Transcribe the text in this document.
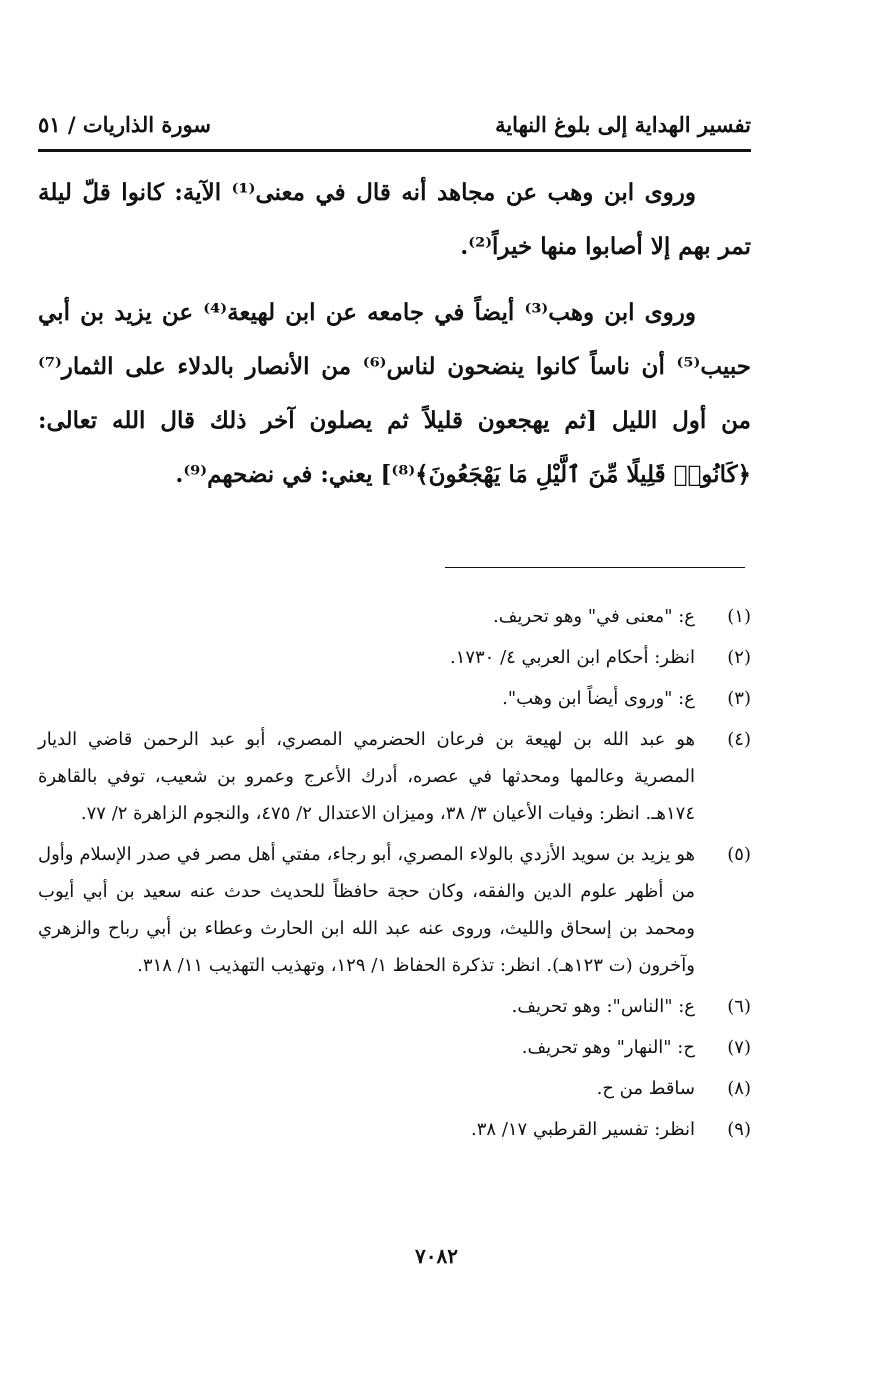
تفسير الهداية إلى بلوغ النهاية
سورة الذاريات / ٥١

وروى ابن وهب عن مجاهد أنه قال في معنى⁽¹⁾ الآية: كانوا قلّ ليلة تمر بهم إلا أصابوا منها خيراً⁽²⁾.

وروى ابن وهب⁽³⁾ أيضاً في جامعه عن ابن لهيعة⁽⁴⁾ عن يزيد بن أبي حبيب⁽⁵⁾ أن ناساً كانوا ينضحون لناس⁽⁶⁾ من الأنصار بالدلاء على الثمار⁽⁷⁾ من أول الليل [ثم يهجعون قليلاً ثم يصلون آخر ذلك قال الله تعالى: ﴿كَانُوا۟ قَلِيلًا مِّنَ ٱلَّيْلِ مَا يَهْجَعُونَ﴾⁽⁸⁾] يعني: في نضحهم⁽⁹⁾.

(١)
ع: "معنى في" وهو تحريف.
(٢)
انظر: أحكام ابن العربي ٤/ ١٧٣٠.
(٣)
ع: "وروى أيضاً ابن وهب".
(٤)
هو عبد الله بن لهيعة بن فرعان الحضرمي المصري، أبو عبد الرحمن قاضي الديار المصرية وعالمها ومحدثها في عصره، أدرك الأعرج وعمرو بن شعيب، توفي بالقاهرة ١٧٤هـ. انظر: وفيات الأعيان ٣/ ٣٨، وميزان الاعتدال ٢/ ٤٧٥، والنجوم الزاهرة ٢/ ٧٧.
(٥)
هو يزيد بن سويد الأزدي بالولاء المصري، أبو رجاء، مفتي أهل مصر في صدر الإسلام وأول من أظهر علوم الدين والفقه، وكان حجة حافظاً للحديث حدث عنه سعيد بن أبي أيوب ومحمد بن إسحاق والليث، وروى عنه عبد الله ابن الحارث وعطاء بن أبي رباح والزهري وآخرون (ت ١٢٣هـ). انظر: تذكرة الحفاظ ١/ ١٢٩، وتهذيب التهذيب ١١/ ٣١٨.
(٦)
ع: "الناس": وهو تحريف.
(٧)
ح: "النهار" وهو تحريف.
(٨)
ساقط من ح.
(٩)
انظر: تفسير القرطبي ١٧/ ٣٨.
٧٠٨٢
